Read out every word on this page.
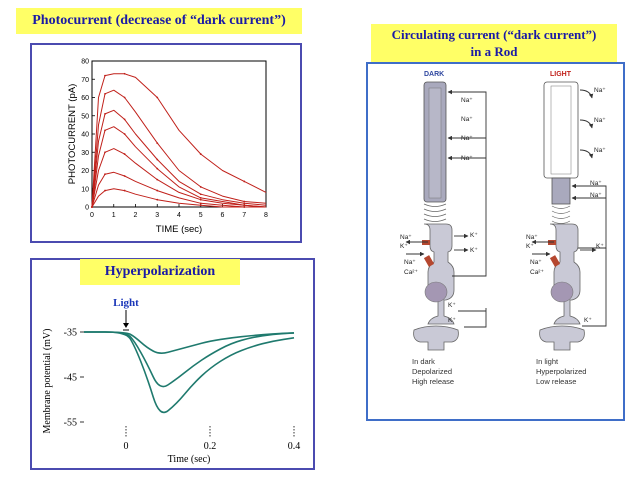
Photocurrent (decrease of “dark current”)
0	1	2	3	4	5	6	7	8
0
10
20
30
40
50
60
70
80
TIME (sec)
PHOTOCURRENT (pA)
-35
-45
-55
0	0.2	0.4
Time (sec)
Membrane potential (mV)
Light
Hyperpolarization
Circulating current (“dark current”)
in a Rod
DARK
Na⁺
Na⁺
Na⁺
Na⁺
Na⁺
K⁺
Na⁺
Ca²⁺
K⁺
K⁺
K⁺
K⁺
In dark
Depolarized
High release
LIGHT
Na⁺
Na⁺
Na⁺
Na⁺
Na⁺
Na⁺
K⁺
Na⁺
Ca²⁺
K⁺
K⁺
In light
Hyperpolarized
Low release
